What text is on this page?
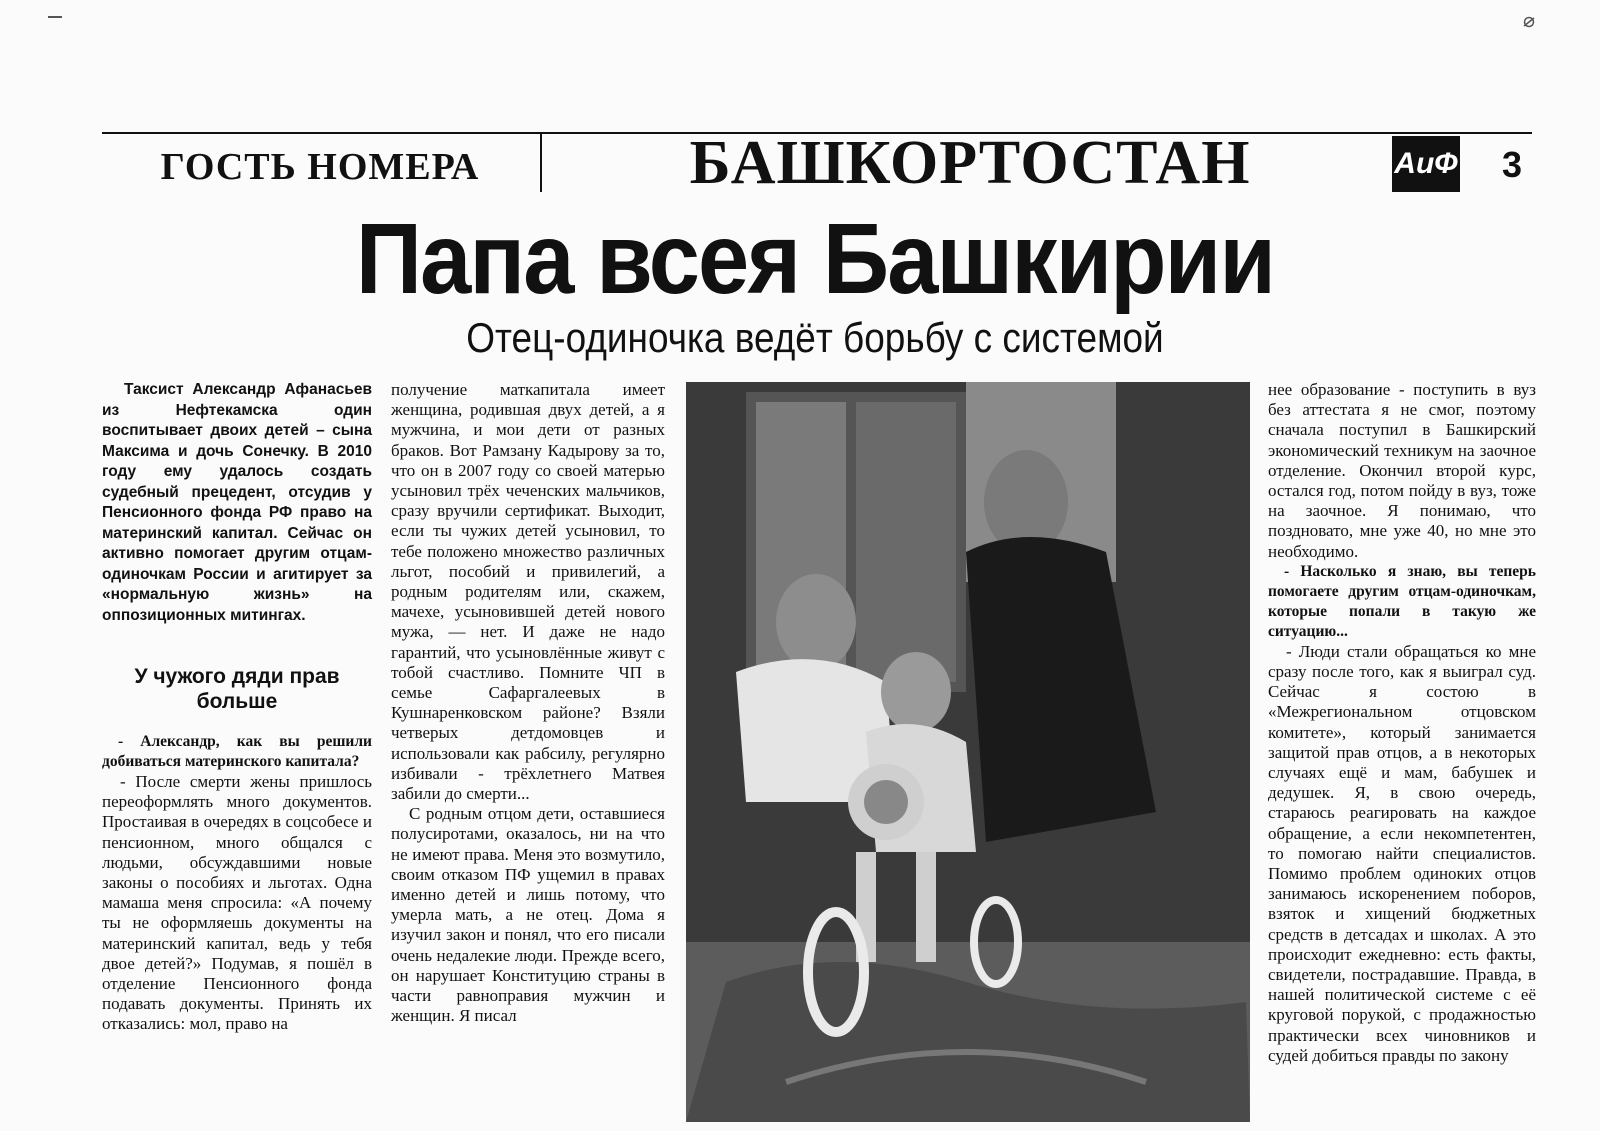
ГОСТЬ НОМЕРА	БАШКОРТОСТАН	АиФ 3
Папа всея Башкирии
Отец-одиночка ведёт борьбу с системой

Таксист Александр Афанасьев из Нефтекамска один воспитывает двоих детей – сына Максима и дочь Сонечку. В 2010 году ему удалось создать судебный прецедент, отсудив у Пенсионного фонда РФ право на материнский капитал. Сейчас он активно помогает другим отцам-одиночкам России и агитирует за «нормальную жизнь» на оппозиционных митингах.

У чужого дяди прав больше

- Александр, как вы решили добиваться материнского капитала?

- После смерти жены пришлось переоформлять много документов. Простаивая в очередях в соцсобесе и пенсионном, много общался с людьми, обсуждавшими новые законы о пособиях и льготах. Одна мамаша меня спросила: «А почему ты не оформляешь документы на материнский капитал, ведь у тебя двое детей?» Подумав, я пошёл в отделение Пенсионного фонда подавать документы. Принять их отказались: мол, право на

получение маткапитала имеет женщина, родившая двух детей, а я мужчина, и мои дети от разных браков. Вот Рамзану Кадырову за то, что он в 2007 году со своей матерью усыновил трёх чеченских мальчиков, сразу вручили сертификат. Выходит, если ты чужих детей усыновил, то тебе положено множество различных льгот, пособий и привилегий, а родным родителям или, скажем, мачехе, усыновившей детей нового мужа, — нет. И даже не надо гарантий, что усыновлённые живут с тобой счастливо. Помните ЧП в семье Сафаргалеевых в Кушнаренковском районе? Взяли четверых детдомовцев и использовали как рабсилу, регулярно избивали - трёхлетнего Матвея забили до смерти...

С родным отцом дети, оставшиеся полусиротами, оказалось, ни на что не имеют права. Меня это возмутило, своим отказом ПФ ущемил в правах именно детей и лишь потому, что умерла мать, а не отец. Дома я изучил закон и понял, что его писали очень недалекие люди. Прежде всего, он нарушает Конституцию страны в части равноправия мужчин и женщин. Я писал

нее образование - поступить в вуз без аттестата я не смог, поэтому сначала поступил в Башкирский экономический техникум на заочное отделение. Окончил второй курс, остался год, потом пойду в вуз, тоже на заочное. Я понимаю, что поздновато, мне уже 40, но мне это необходимо.

- Насколько я знаю, вы теперь помогаете другим отцам-одиночкам, которые попали в такую же ситуацию...

- Люди стали обращаться ко мне сразу после того, как я выиграл суд. Сейчас я состою в «Межрегиональном отцовском комитете», который занимается защитой прав отцов, а в некоторых случаях ещё и мам, бабушек и дедушек. Я, в свою очередь, стараюсь реагировать на каждое обращение, а если некомпетентен, то помогаю найти специалистов. Помимо проблем одиноких отцов занимаюсь искоренением поборов, взяток и хищений бюджетных средств в детсадах и школах. А это происходит ежедневно: есть факты, свидетели, пострадавшие. Правда, в нашей политической системе с её круговой порукой, с продажностью практически всех чиновников и судей добиться правды по закону
